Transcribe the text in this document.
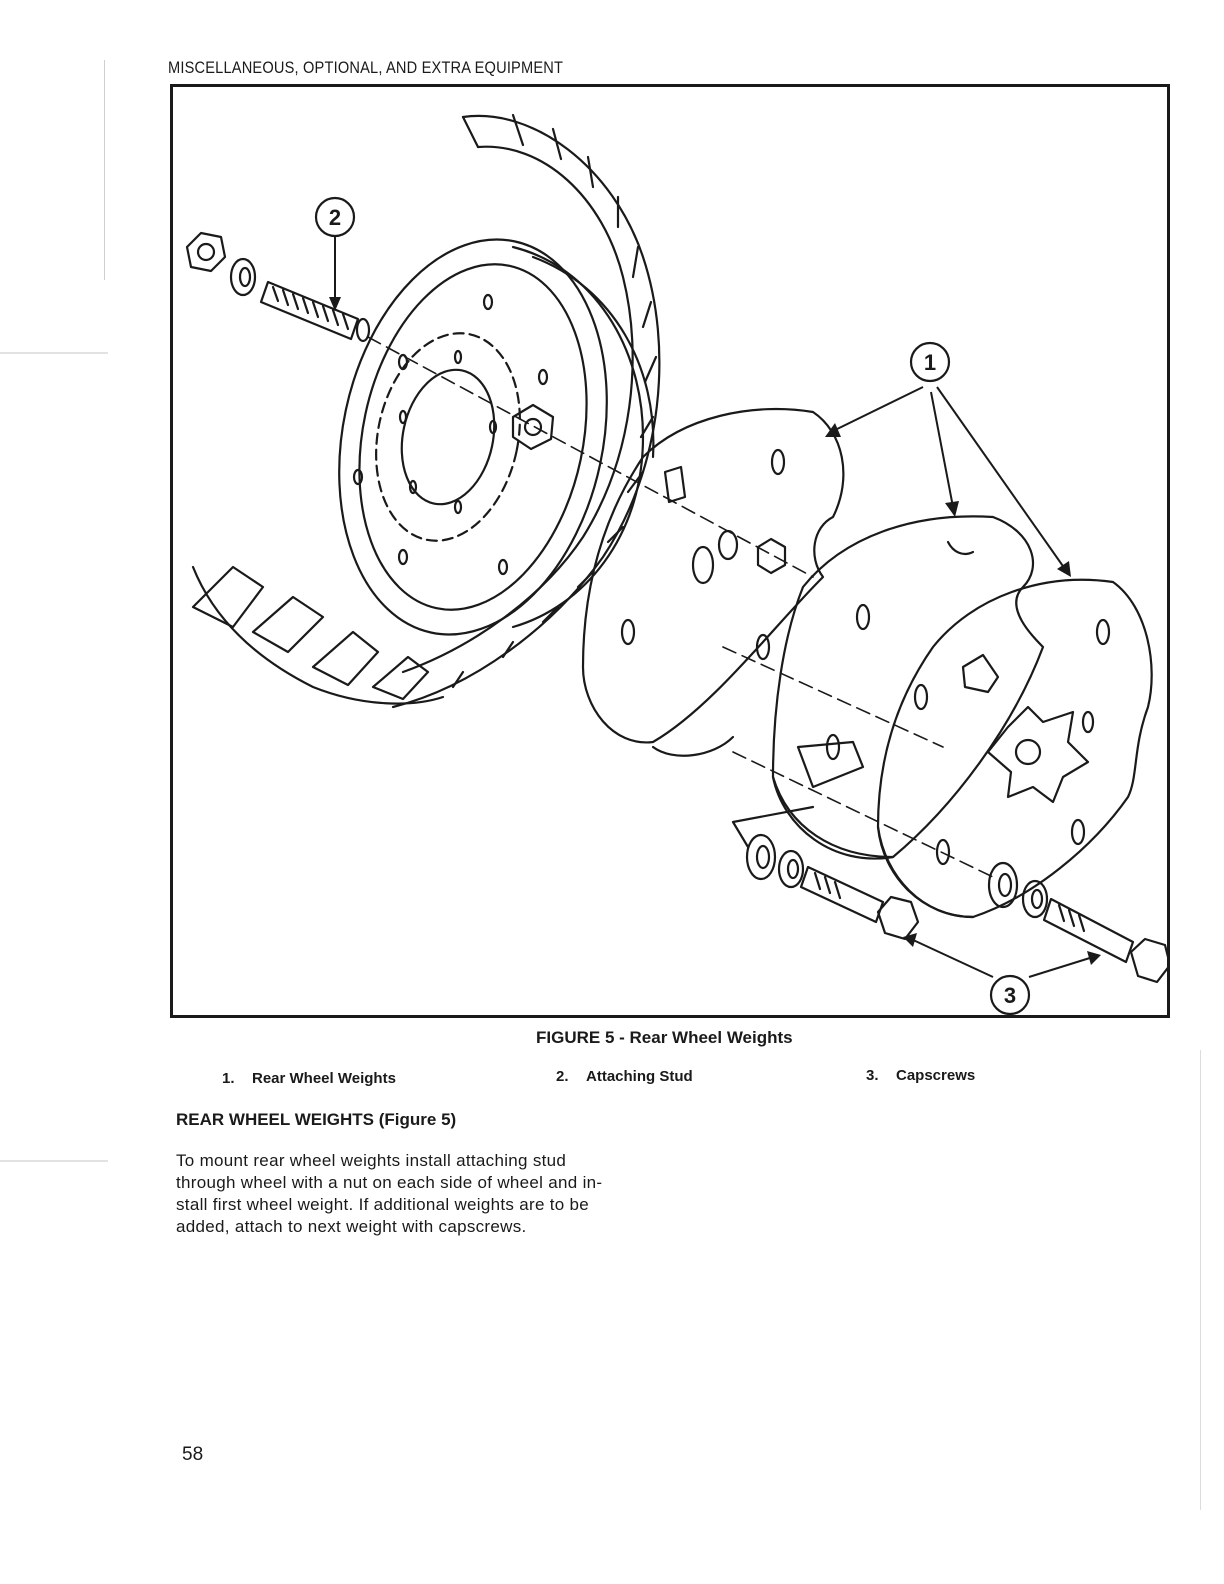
MISCELLANEOUS, OPTIONAL, AND EXTRA EQUIPMENT
2
1
3
FIGURE 5 - Rear Wheel Weights
1. Rear Wheel Weights	2. Attaching Stud	3. Capscrews
REAR WHEEL WEIGHTS (Figure 5)
To mount rear wheel weights install attaching stud
through wheel with a nut on each side of wheel and in-
stall first wheel weight. If additional weights are to be
added, attach to next weight with capscrews.
58
